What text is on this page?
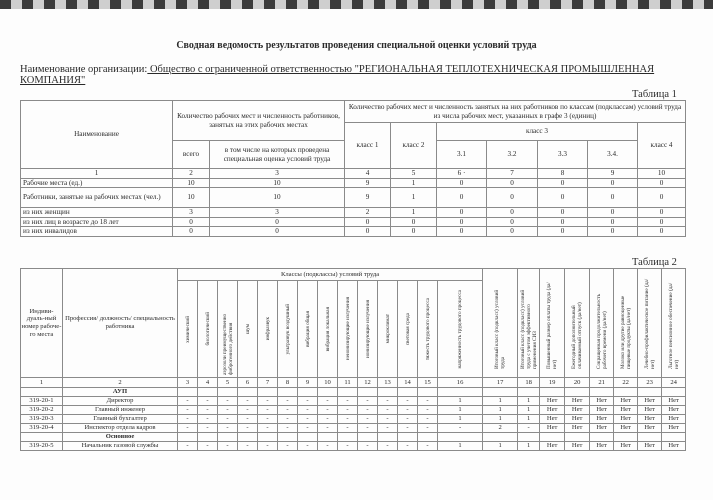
Сводная ведомость результатов проведения специальной оценки условий труда
Наименование организации: Общество с ограниченной ответственностью "РЕГИОНАЛЬНАЯ ТЕПЛОТЕХНИЧЕСКАЯ ПРОМЫШЛЕННАЯ КОМПАНИЯ"
Таблица 1
Наименование	Количество рабочих мест и численность работников, занятых на этих рабочих местах		Количество рабочих мест и численность занятых на них работников по классам (подклассам) условий труда из числа рабочих мест, указанных в графе 3 (единиц)						
			класс 1	класс 2	класс 3				класс 4
	всего	в том числе на которых проведена специальная оценка условий труда			3.1	3.2	3.3	3.4.	
1	2	3	4	5	6 ·	7	8	9	10
Рабочие места (ед.)	10	10	9	1	0	0	0	0	0
Работники, занятые на рабочих местах (чел.)	10	10	9	1	0	0	0	0	0
из них женщин	3	3	2	1	0	0	0	0	0
из них лиц в возрасте до 18 лет	0	0	0	0	0	0	0	0	0
из них инвалидов	0	0	0	0	0	0	0	0	0
Таблица 2
Индиви-дуаль-ный номер рабоче-го места	Профессия/ должность/ специальность работника	Классы (подклассы) условий труда														Итоговый класс (подкласс) условий труда	Итоговый класс (подкласс) условий труда с учетом эффективного применения СИЗ	Повышенный размер оплаты труда (да/нет)	Ежегодный дополнительный оплачиваемый отпуск (да/нет)	Сокращенная продолжительность рабочего времени (да/нет)	Молоко или другие равноценные пищевые продукты (да/нет)	Лечебно-профилактическое питание (да/нет)	Льготное пенсионное обеспечение (да/нет)

		химический	биологический	аэрозоли преимущественно фиброгенного действия	шум	инфразвук	ультразвук воздушный	вибрация общая	вибрация локальная	неионизирующие излучения	ионизирующие излучения	микроклимат	световая среда	тяжесть трудового процесса	напряженность трудового процесса								

1	2	3	4	5	6	7	8	9	10	11	12	13	14	15	16	17	18	19	20	21	22	23	24
	АУП																						
319-20-1	Директор	-	-	-	-	-	-	-	-	-	-	-	-	-	1	1	1	Нет	Нет	Нет	Нет	Нет	Нет
319-20-2	Главный инженер	-	-	-	-	-	-	-	-	-	-	-	-	-	1	1	1	Нет	Нет	Нет	Нет	Нет	Нет
319-20-3	Главный бухгалтер	-	-	-	-	-	-	-	-	-	-	-	-	-	1	1	1	Нет	Нет	Нет	Нет	Нет	Нет
319-20-4	Инспектор отдела кадров	-	-	-	-	-	-	-	-	-	-	-	-	-	-	2	-	Нет	Нет	Нет	Нет	Нет	Нет
	Основное																						
319-20-5	Начальник газовой службы	-	-	-	-	-	-	-	-	-	-	-	-	-	1	1	1	Нет	Нет	Нет	Нет	Нет	Нет
